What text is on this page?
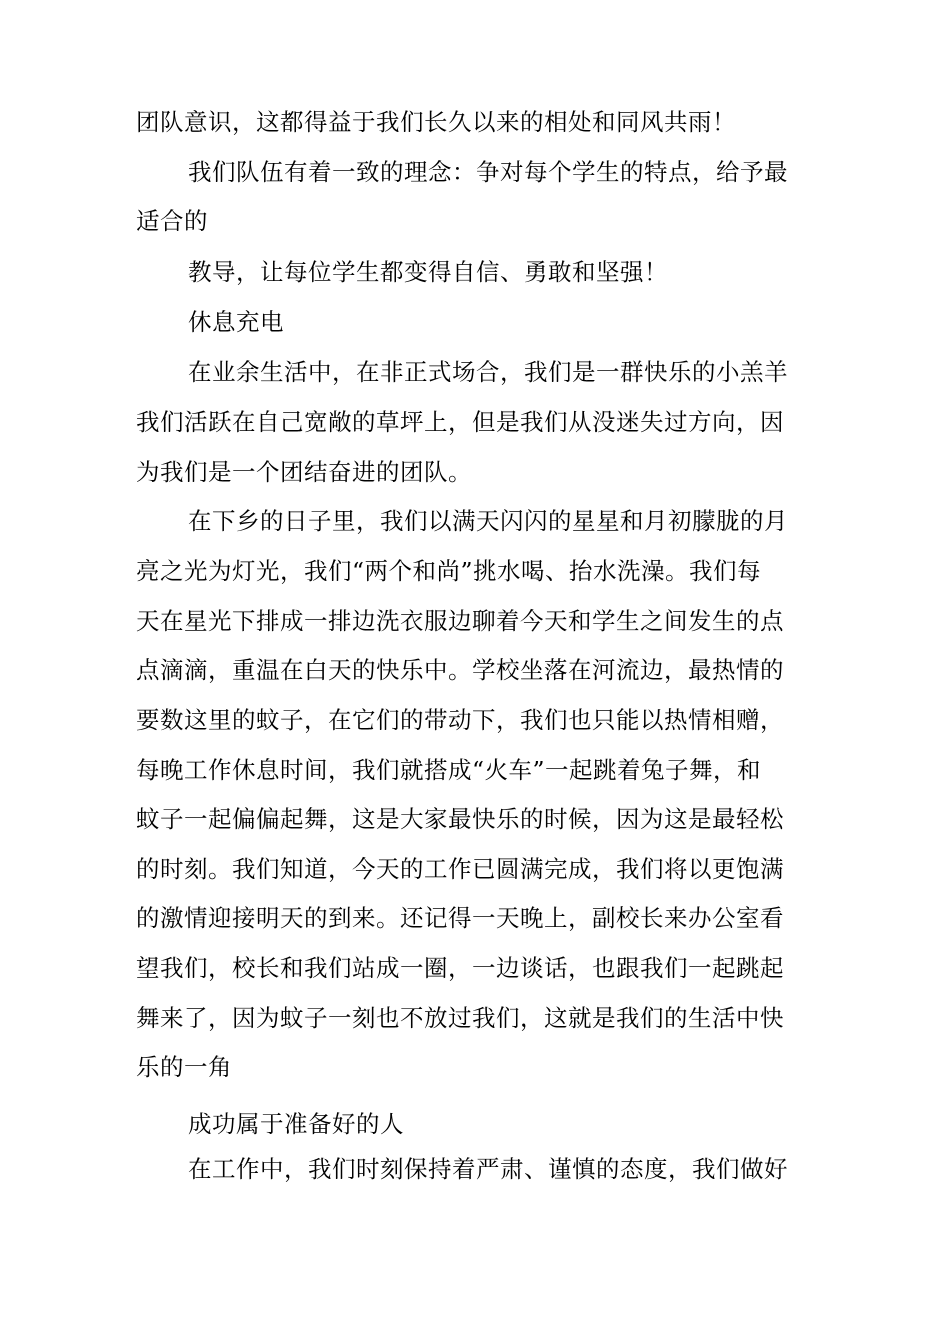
团队意识，这都得益于我们长久以来的相处和同风共雨！
我们队伍有着一致的理念：争对每个学生的特点，给予最
适合的
教导，让每位学生都变得自信、勇敢和坚强！
休息充电
在业余生活中，在非正式场合，我们是一群快乐的小羔羊
我们活跃在自己宽敞的草坪上，但是我们从没迷失过方向，因
为我们是一个团结奋进的团队。
在下乡的日子里，我们以满天闪闪的星星和月初朦胧的月
亮之光为灯光，我们“两个和尚”挑水喝、抬水洗澡。我们每
天在星光下排成一排边洗衣服边聊着今天和学生之间发生的点
点滴滴，重温在白天的快乐中。学校坐落在河流边，最热情的
要数这里的蚊子，在它们的带动下，我们也只能以热情相赠，
每晚工作休息时间，我们就搭成“火车”一起跳着兔子舞，和
蚊子一起偏偏起舞，这是大家最快乐的时候，因为这是最轻松
的时刻。我们知道，今天的工作已圆满完成，我们将以更饱满
的激情迎接明天的到来。还记得一天晚上，副校长来办公室看
望我们，校长和我们站成一圈，一边谈话，也跟我们一起跳起
舞来了，因为蚊子一刻也不放过我们，这就是我们的生活中快
乐的一角
成功属于准备好的人
在工作中，我们时刻保持着严肃、谨慎的态度，我们做好
